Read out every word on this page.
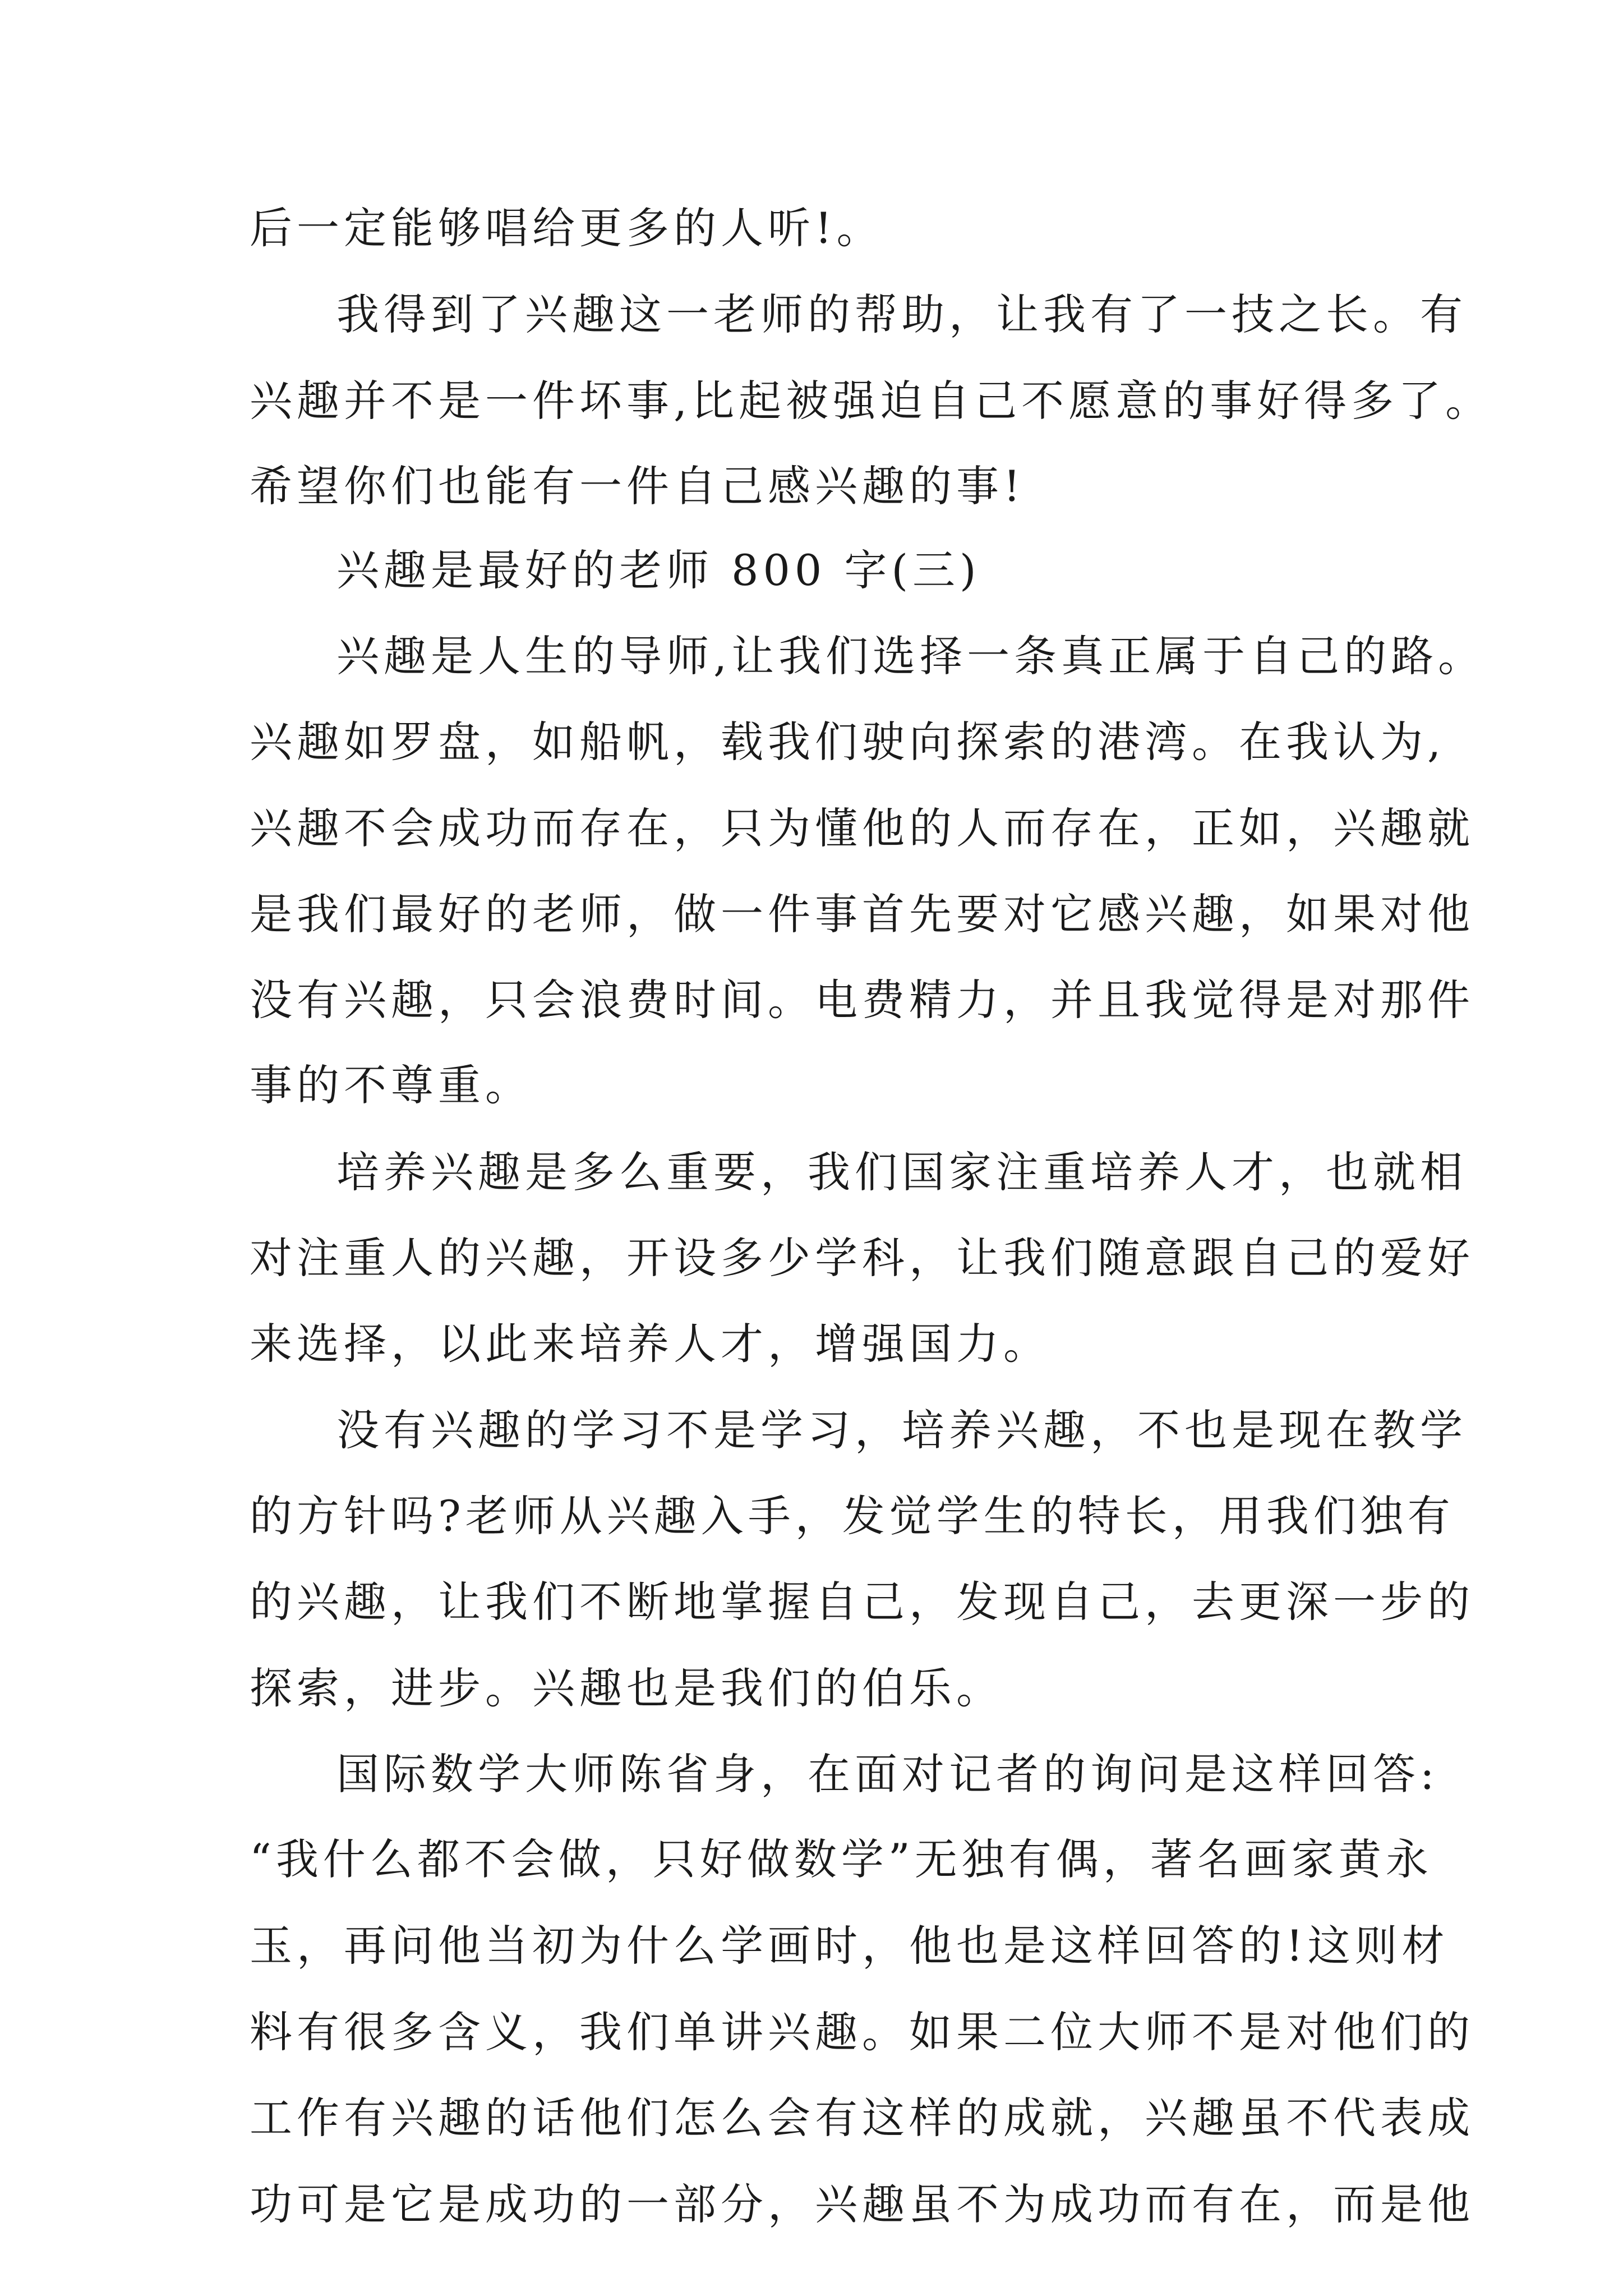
后一定能够唱给更多的人听!。
我得到了兴趣这一老师的帮助，让我有了一技之长。有
兴趣并不是一件坏事,比起被强迫自己不愿意的事好得多了。
希望你们也能有一件自己感兴趣的事!
兴趣是最好的老师 800 字(三)
兴趣是人生的导师,让我们选择一条真正属于自己的路。
兴趣如罗盘，如船帆，载我们驶向探索的港湾。在我认为,
兴趣不会成功而存在，只为懂他的人而存在，正如，兴趣就
是我们最好的老师，做一件事首先要对它感兴趣，如果对他
没有兴趣，只会浪费时间。电费精力，并且我觉得是对那件
事的不尊重。
培养兴趣是多么重要，我们国家注重培养人才，也就相
对注重人的兴趣，开设多少学科，让我们随意跟自己的爱好
来选择，以此来培养人才，增强国力。
没有兴趣的学习不是学习，培养兴趣，不也是现在教学
的方针吗?老师从兴趣入手，发觉学生的特长，用我们独有
的兴趣，让我们不断地掌握自己，发现自己，去更深一步的
探索，进步。兴趣也是我们的伯乐。
国际数学大师陈省身，在面对记者的询问是这样回答:
“我什么都不会做，只好做数学”无独有偶，著名画家黄永
玉，再问他当初为什么学画时，他也是这样回答的!这则材
料有很多含义，我们单讲兴趣。如果二位大师不是对他们的
工作有兴趣的话他们怎么会有这样的成就，兴趣虽不代表成
功可是它是成功的一部分，兴趣虽不为成功而有在，而是他
